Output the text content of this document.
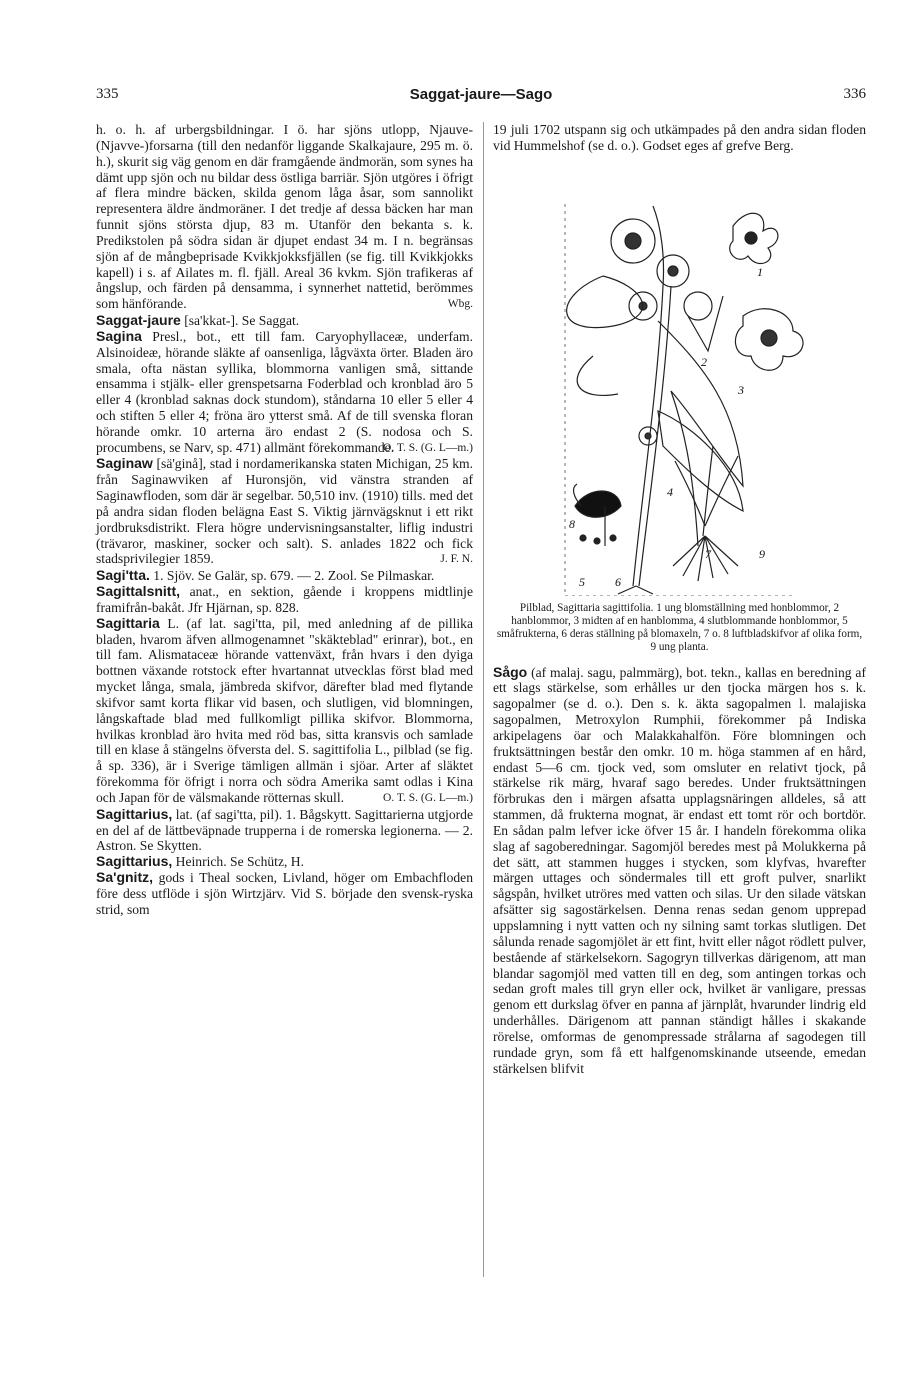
335	Saggat-jaure—Sago	336

h. o. h. af urbergsbildningar. I ö. har sjöns utlopp, Njauve- (Njavve-)forsarna (till den nedanför liggande Skalkajaure, 295 m. ö. h.), skurit sig väg genom en där framgående ändmorän, som synes ha dämt upp sjön och nu bildar dess östliga barriär. Sjön utgöres i öfrigt af flera mindre bäcken, skilda genom låga åsar, som sannolikt representera äldre ändmoräner. I det tredje af dessa bäcken har man funnit sjöns största djup, 83 m. Utanför den bekanta s. k. Predikstolen på södra sidan är djupet endast 34 m. I n. begränsas sjön af de mångbeprisade Kvikkjokksfjällen (se fig. till Kvikkjokks kapell) i s. af Ailates m. fl. fjäll. Areal 36 kvkm. Sjön trafikeras af ångslup, och färden på densamma, i synnerhet nattetid, berömmes som hänförande.	Wbg.

Saggat-jaure [sa'kkat-]. Se Saggat.

Sagina Presl., bot., ett till fam. Caryophyllaceæ, underfam. Alsinoideæ, hörande släkte af oansenliga, lågväxta örter. Bladen äro smala, ofta nästan syllika, blommorna vanligen små, sittande ensamma i stjälk- eller grenspetsarna Foderblad och kronblad äro 5 eller 4 (kronblad saknas dock stundom), ståndarna 10 eller 5 eller 4 och stiften 5 eller 4; fröna äro ytterst små. Af de till svenska floran hörande omkr. 10 arterna äro endast 2 (S. nodosa och S. procumbens, se Narv, sp. 471) allmänt förekommande.

O. T. S. (G. L—m.)

Saginaw [sä'ginå], stad i nordamerikanska staten Michigan, 25 km. från Saginawviken af Huronsjön, vid vänstra stranden af Saginawfloden, som där är segelbar. 50,510 inv. (1910) tills. med det på andra sidan floden belägna East S. Viktig järnvägsknut i ett rikt jordbruksdistrikt. Flera högre undervisningsanstalter, liflig industri (trävaror, maskiner, socker och salt). S. anlades 1822 och fick stadsprivilegier 1859.	J. F. N.

Sagi'tta. 1. Sjöv. Se Galär, sp. 679. — 2. Zool. Se Pilmaskar.

Sagittalsnitt, anat., en sektion, gående i kroppens midtlinje framifrån-bakåt. Jfr Hjärnan, sp. 828.

Sagittaria L. (af lat. sagi'tta, pil, med anledning af de pillika bladen, hvarom äfven allmogenamnet "skäkteblad" erinrar), bot., en till fam. Alismataceæ hörande vattenväxt, från hvars i den dyiga bottnen växande rotstock efter hvartannat utvecklas först blad med mycket långa, smala, jämbreda skifvor, därefter blad med flytande skifvor samt korta flikar vid basen, och slutligen, vid blomningen, långskaftade blad med fullkomligt pillika skifvor. Blommorna, hvilkas kronblad äro hvita med röd bas, sitta kransvis och samlade till en klase å stängelns öfversta del. S. sagittifolia L., pilblad (se fig. å sp. 336), är i Sverige tämligen allmän i sjöar. Arter af släktet förekomma för öfrigt i norra och södra Amerika samt odlas i Kina och Japan för de välsmakande rötternas skull.	O. T. S. (G. L—m.)

Sagittarius, lat. (af sagi'tta, pil). 1. Bågskytt. Sagittarierna utgjorde en del af de lättbeväpnade trupperna i de romerska legionerna. — 2. Astron. Se Skytten.

Sagittarius, Heinrich. Se Schütz, H.

Sa'gnitz, gods i Theal socken, Livland, höger om Embachfloden före dess utflöde i sjön Wirtzjärv. Vid S. började den svensk-ryska strid, som

19 juli 1702 utspann sig och utkämpades på den andra sidan floden vid Hummelshof (se d. o.). Godset eges af grefve Berg.

1
2
3
4
8
7	9
5	6

Pilblad, Sagittaria sagittifolia. 1 ung blomställning med honblommor, 2 hanblommor, 3 midten af en hanblomma, 4 slutblommande honblommor, 5 småfrukterna, 6 deras ställning på blomaxeln, 7 o. 8 luftbladskifvor af olika form, 9 ung planta.

Sågo (af malaj. sagu, palmmärg), bot. tekn., kallas en beredning af ett slags stärkelse, som erhålles ur den tjocka märgen hos s. k. sagopalmer (se d. o.). Den s. k. äkta sagopalmen l. malajiska sagopalmen, Metroxylon Rumphii, förekommer på Indiska arkipelagens öar och Malakkahalfön. Före blomningen och fruktsättningen består den omkr. 10 m. höga stammen af en hård, endast 5—6 cm. tjock ved, som omsluter en relativt tjock, på stärkelse rik märg, hvaraf sago beredes. Under fruktsättningen förbrukas den i märgen afsatta upplagsnäringen alldeles, så att stammen, då frukterna mognat, är endast ett tomt rör och bortdör. En sådan palm lefver icke öfver 15 år. I handeln förekomma olika slag af sagoberedningar. Sagomjöl beredes mest på Molukkerna på det sätt, att stammen hugges i stycken, som klyfvas, hvarefter märgen uttages och söndermales till ett groft pulver, snarlikt sågspån, hvilket utröres med vatten och silas. Ur den silade vätskan afsätter sig sagostärkelsen. Denna renas sedan genom upprepad uppslamning i nytt vatten och ny silning samt torkas slutligen. Det sålunda renade sagomjölet är ett fint, hvitt eller något rödlett pulver, bestående af stärkelsekorn. Sagogryn tillverkas därigenom, att man blandar sagomjöl med vatten till en deg, som antingen torkas och sedan groft males till gryn eller ock, hvilket är vanligare, pressas genom ett durkslag öfver en panna af järnplåt, hvarunder lindrig eld underhålles. Därigenom att pannan ständigt hålles i skakande rörelse, omformas de genompressade strålarna af sagodegen till rundade gryn, som få ett halfgenomskinande utseende, emedan stärkelsen blifvit
